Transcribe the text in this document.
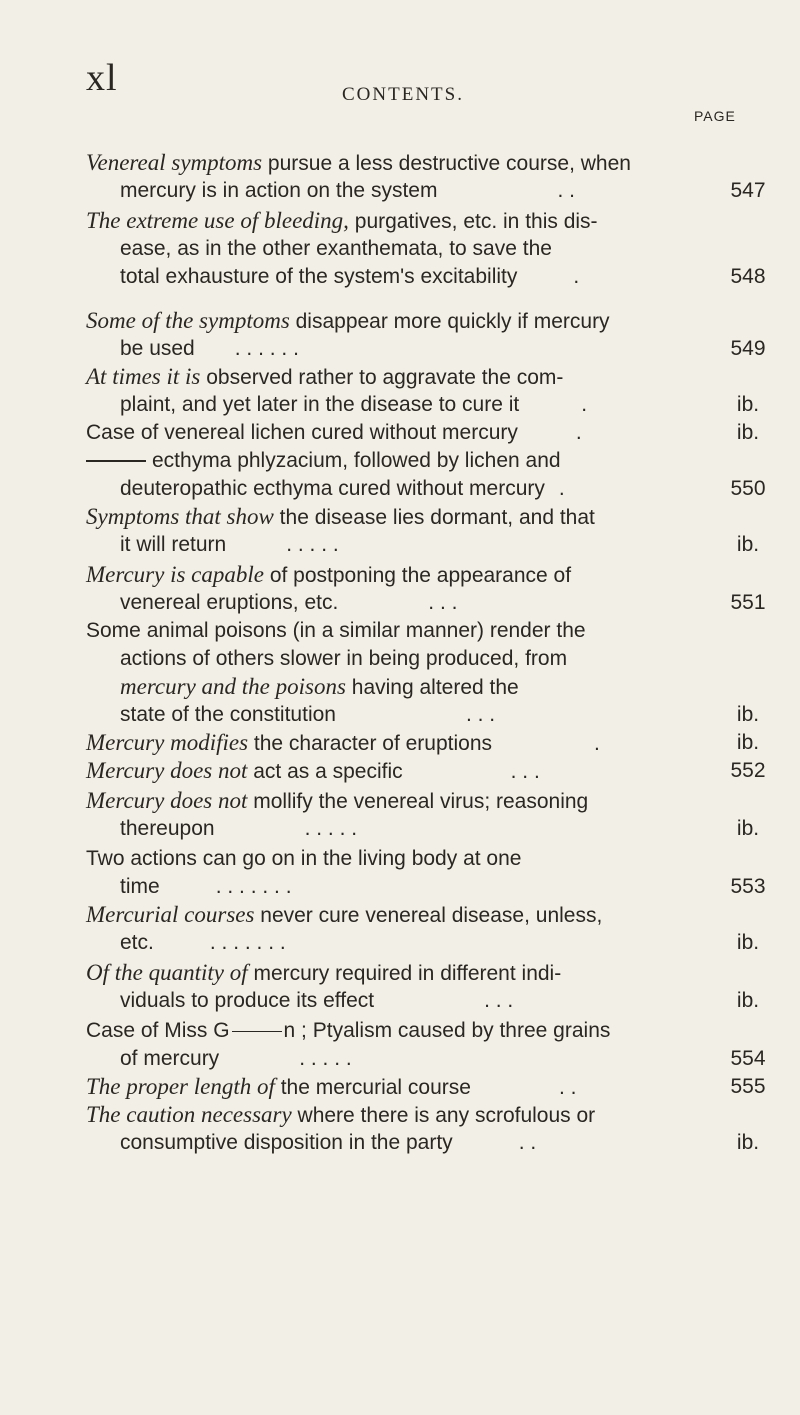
xl	CONTENTS.
PAGE
Venereal symptoms pursue a less destructive course, when
mercury is in action on the system	. .	547
The extreme use of bleeding, purgatives, etc. in this dis-
ease, as in the other exanthemata, to save the
total exhausture of the system's excitability	.	548
Some of the symptoms disappear more quickly if mercury
be used . . . . . .	549
At times it is observed rather to aggravate the com-
plaint, and yet later in the disease to cure it	.	ib.
Case of venereal lichen cured without mercury	.	ib.
ecthyma phlyzacium, followed by lichen and
deuteropathic ecthyma cured without mercury .	550
Symptoms that show the disease lies dormant, and that
it will return	. . . . .	ib.
Mercury is capable of postponing the appearance of
venereal eruptions, etc.	. . .	551
Some animal poisons (in a similar manner) render the
actions of others slower in being produced, from
mercury and the poisons having altered the
state of the constitution	. . .	ib.
Mercury modifies the character of eruptions	.	ib.
Mercury does not act as a specific	. . .	552
Mercury does not mollify the venereal virus; reasoning
thereupon	. . . . .	ib.
Two actions can go on in the living body at one
time	. . . . . . .	553
Mercurial courses never cure venereal disease, unless,
etc.	. . . . . . .	ib.
Of the quantity of mercury required in different indi-
viduals to produce its effect	. . .	ib.
Case of Miss G	n ; Ptyalism caused by three grains
of mercury	. . . . .	554
The proper length of the mercurial course	. .	555
The caution necessary where there is any scrofulous or
consumptive disposition in the party	. .	ib.
